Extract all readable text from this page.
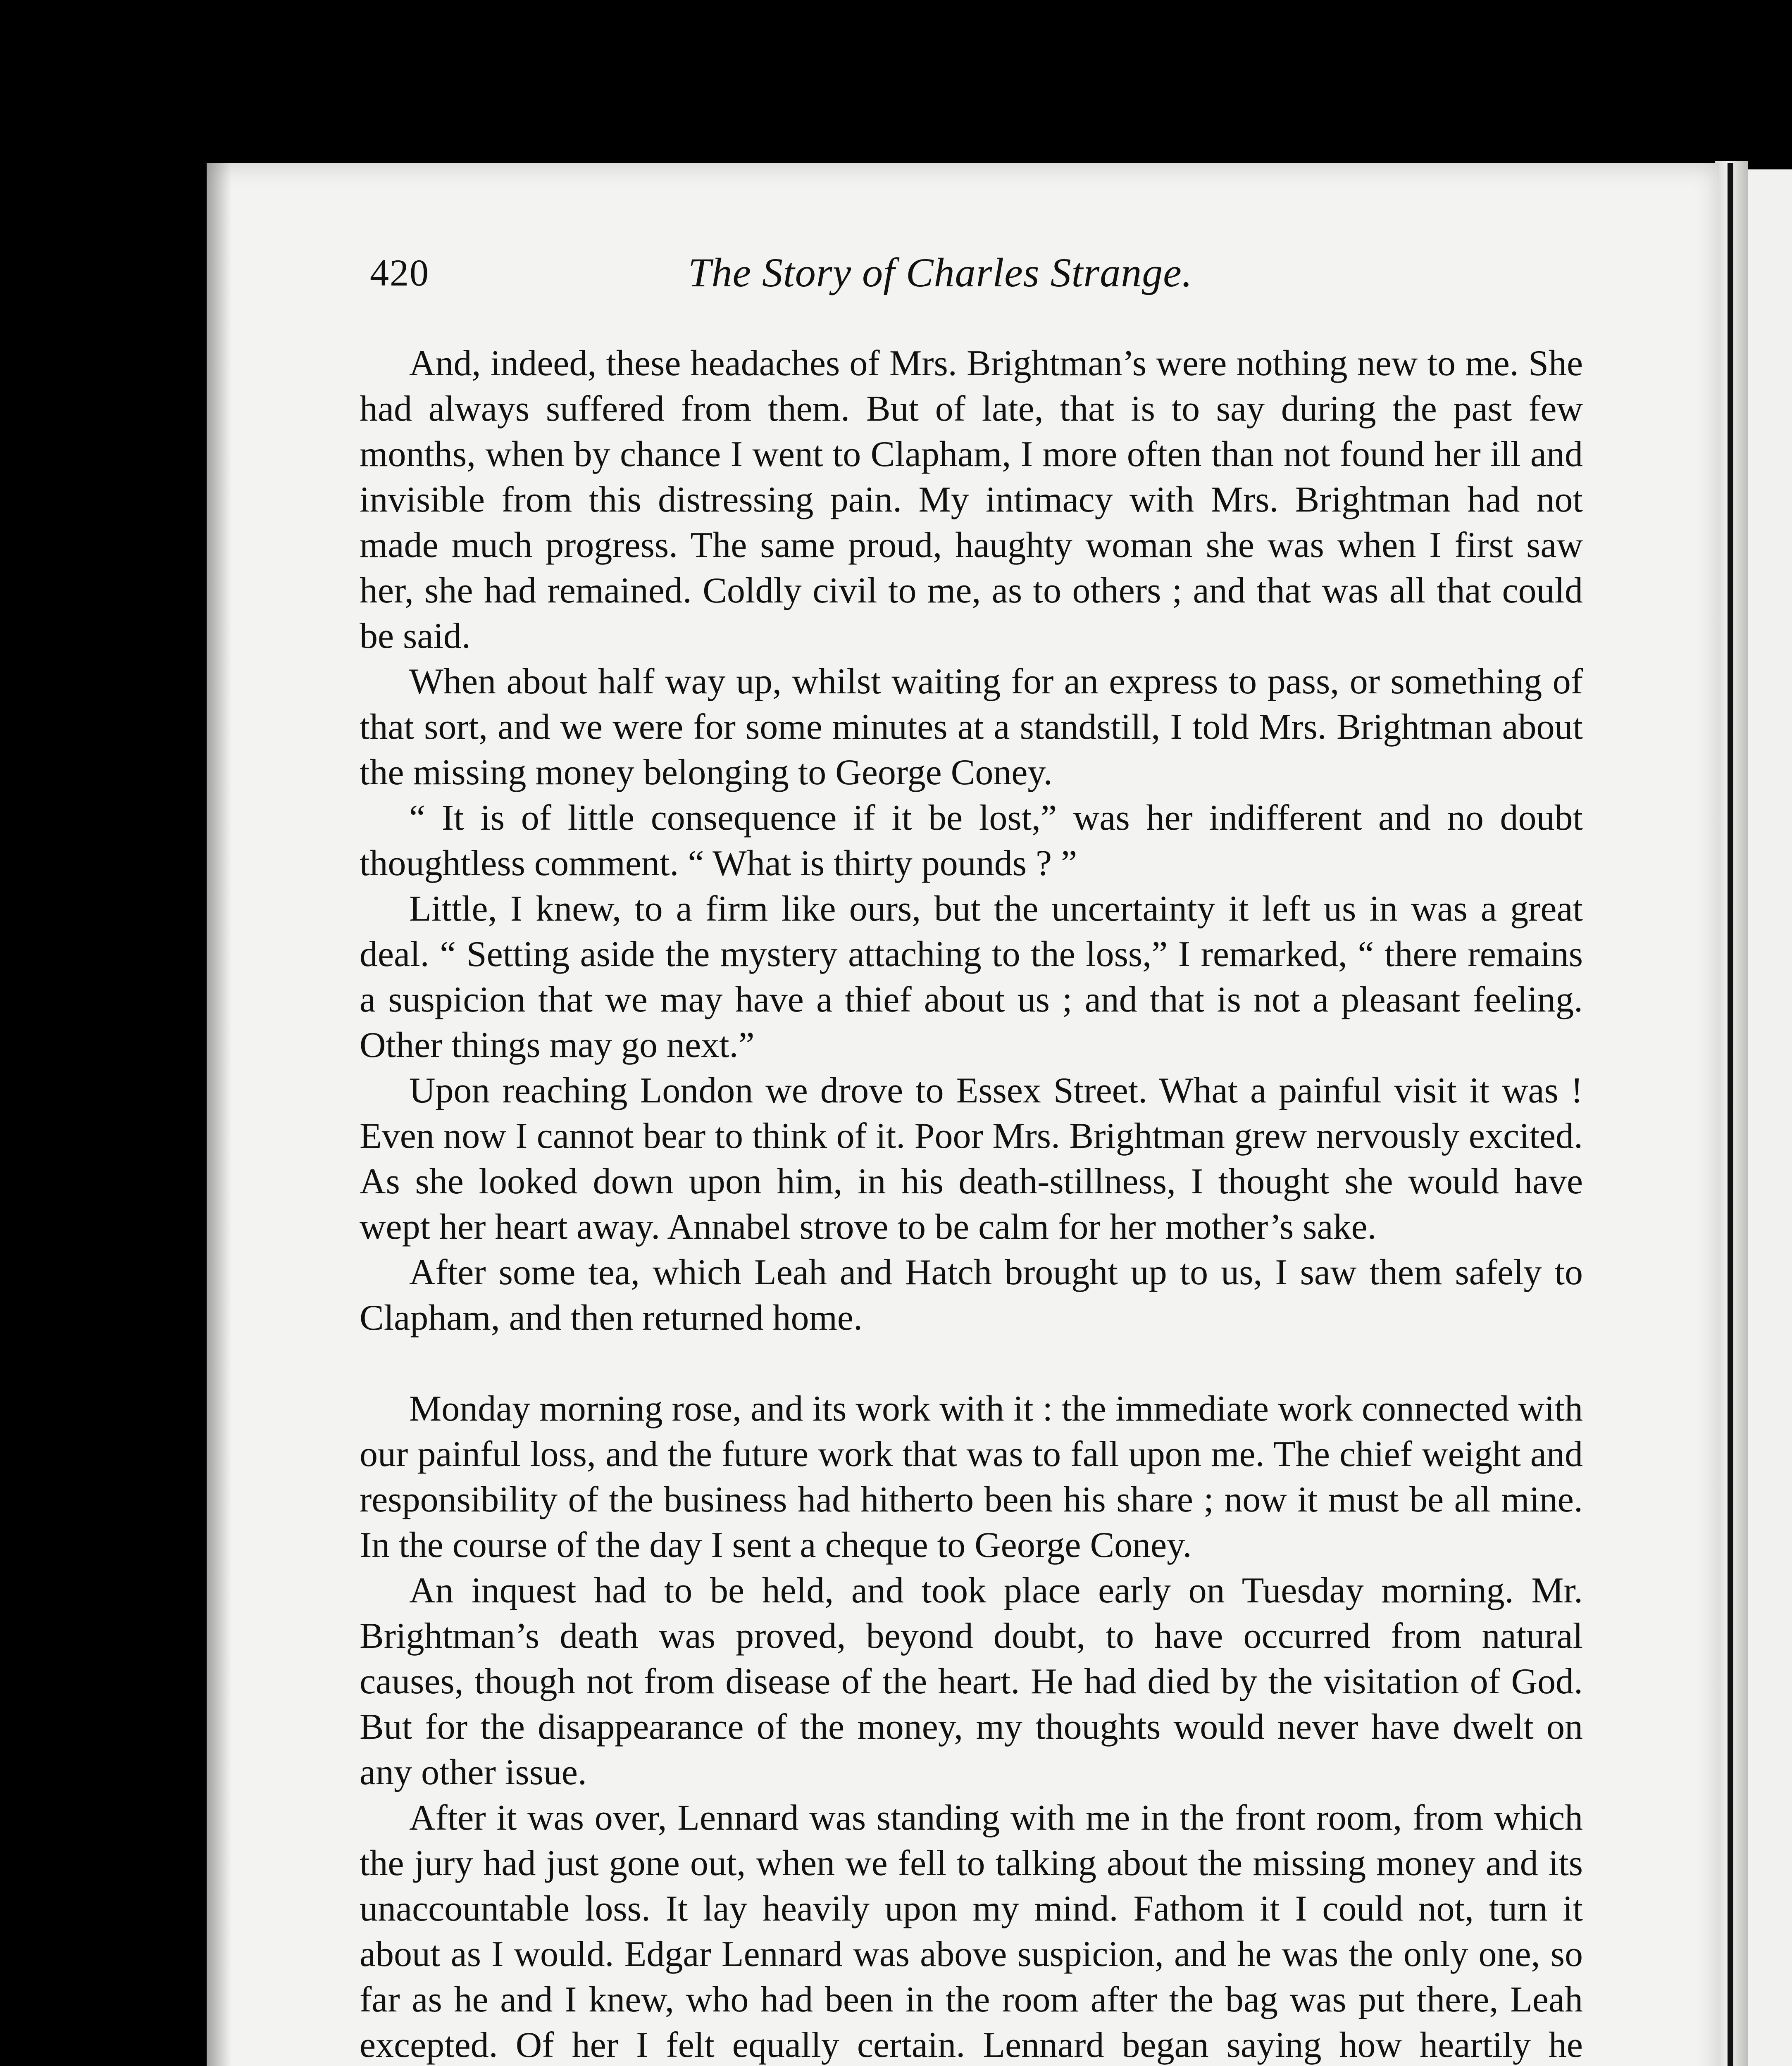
420	The Story of Charles Strange.

And, indeed, these headaches of Mrs. Brightman’s were nothing new to me. She had always suffered from them. But of late, that is to say during the past few months, when by chance I went to Clapham, I more often than not found her ill and invisible from this distressing pain. My intimacy with Mrs. Brightman had not made much progress. The same proud, haughty woman she was when I first saw her, she had remained. Coldly civil to me, as to others ; and that was all that could be said.

When about half way up, whilst waiting for an express to pass, or something of that sort, and we were for some minutes at a standstill, I told Mrs. Brightman about the missing money belonging to George Coney.

“ It is of little consequence if it be lost,” was her indifferent and no doubt thoughtless comment. “ What is thirty pounds ? ”

Little, I knew, to a firm like ours, but the uncertainty it left us in was a great deal. “ Setting aside the mystery attaching to the loss,” I remarked, “ there remains a suspicion that we may have a thief about us ; and that is not a pleasant feeling. Other things may go next.”

Upon reaching London we drove to Essex Street. What a painful visit it was ! Even now I cannot bear to think of it. Poor Mrs. Brightman grew nervously excited. As she looked down upon him, in his death-stillness, I thought she would have wept her heart away. Annabel strove to be calm for her mother’s sake.

After some tea, which Leah and Hatch brought up to us, I saw them safely to Clapham, and then returned home.

Monday morning rose, and its work with it : the immediate work connected with our painful loss, and the future work that was to fall upon me. The chief weight and responsibility of the business had hitherto been his share ; now it must be all mine. In the course of the day I sent a cheque to George Coney.

An inquest had to be held, and took place early on Tuesday morning. Mr. Brightman’s death was proved, beyond doubt, to have occurred from natural causes, though not from disease of the heart. He had died by the visitation of God. But for the disappearance of the money, my thoughts would never have dwelt on any other issue.

After it was over, Lennard was standing with me in the front room, from which the jury had just gone out, when we fell to talking about the missing money and its unaccountable loss. It lay heavily upon my mind. Fathom it I could not, turn it about as I would. Edgar Lennard was above suspicion, and he was the only one, so far as he and I knew, who had been in the room after the bag was put there, Leah excepted. Of her I felt equally certain. Lennard began saying how heartily he
